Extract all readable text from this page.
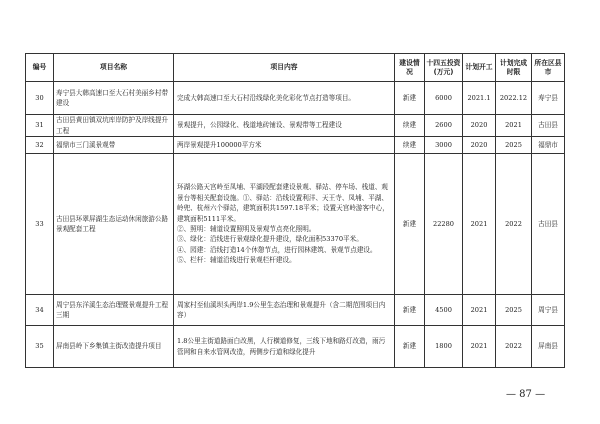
编号	项目名称	项目内容	建设情况	十四五投资(万元)	计划开工	计划完成时限	所在区县市
30	寿宁县大韩高速口至大石村美丽乡村带建设	完成大韩高速口至大石村沿线绿化美化彩化节点打造等项目。	新建	6000	2021.1	2022.12	寿宁县
31	古田县黄田镇双坑库岸防护及岸线提升工程	景观提升，公园绿化、栈道地砖铺设、景观带等工程建设	续建	2600	2020	2021	古田县
32	福鼎市三门溪景观带	两岸景观提升100000平方米	续建	3000	2020	2025	福鼎市
33	古田县环翠屏湖生态运动休闲旅游公路景观配套工程	环湖公路天宫岭至凤埔、平湖段配套建设景观、驿站、停车场、栈道、观景台等相关配套设施。①、驿站：沿线设置利洋、天王寺、凤埔、平湖、岭兜、杭州六个驿站，建筑面积共1597.18平米；设置天宫岭游客中心，建筑面积5111平米。
②、照明：辅道设置照明及景观节点亮化照明。
③、绿化：沿线进行景观绿化提升建设，绿化面积53370平米。
④、园建：沿线打造14个休憩节点，进行园林建筑、景观节点建设。
⑤、栏杆：辅道沿线进行景观栏杆建设。	新建	22280	2021	2022	古田县
34	周宁县东洋溪生态治理暨景观提升工程三期	周家村至仙溪坝头两岸1.9公里生态治理和景观提升（含二期范围项目内容）	新建	4500	2021	2025	周宁县
35	屏南县岭下乡集镇主街改造提升项目	1.8公里主街道路面白改黑，人行横道修复，三线下地和路灯改造，雨污管网和自来水管网改造，两侧步行道和绿化提升	新建	1800	2021	2022	屏南县
— 87 —
